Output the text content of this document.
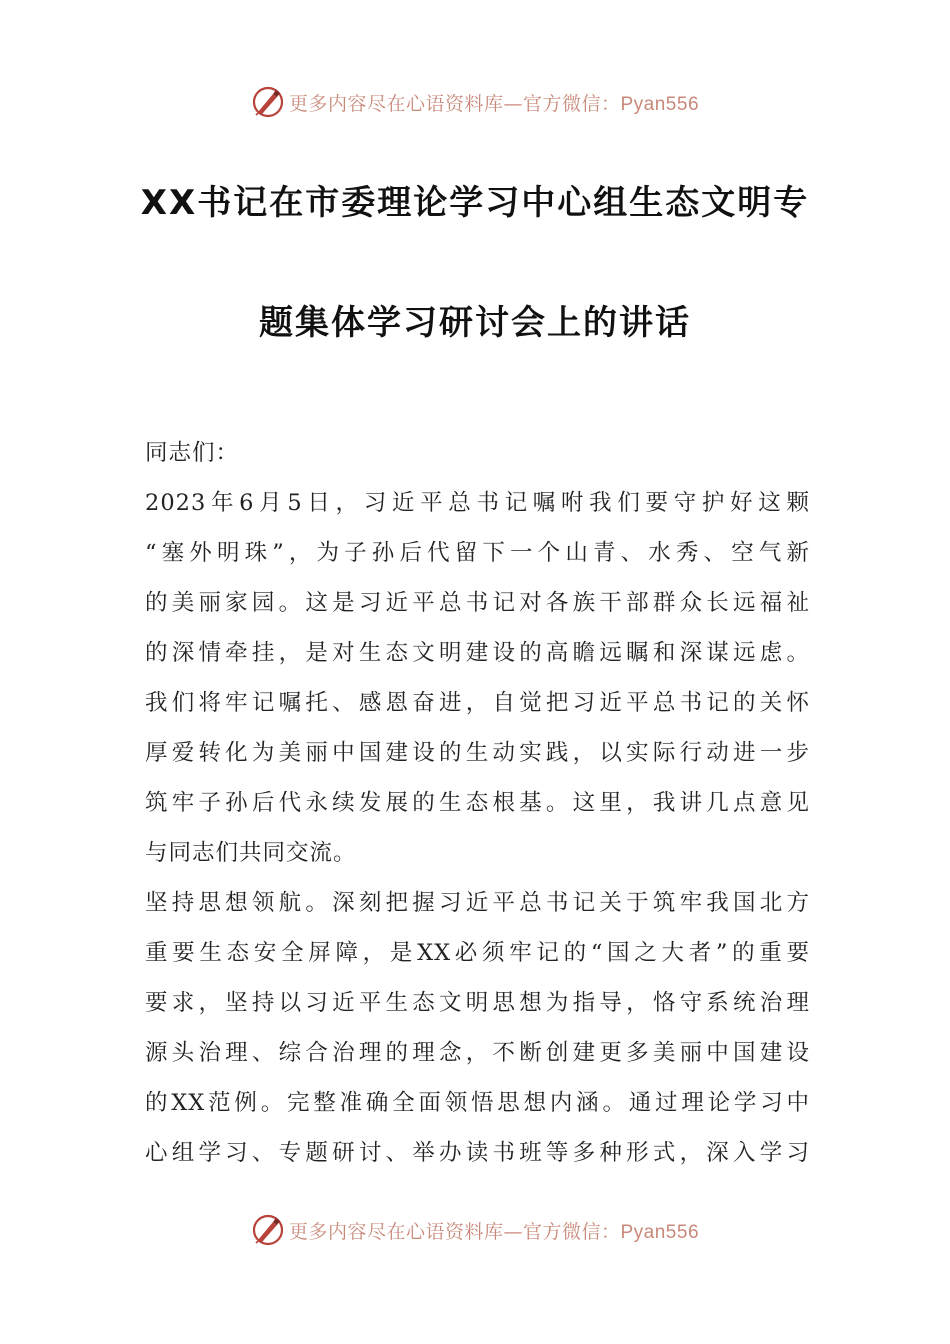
更多内容尽在心语资料库—官方微信：Pyan556
XX书记在市委理论学习中心组生态文明专
题集体学习研讨会上的讲话
同志们：
2023年6月5日，习近平总书记嘱咐我们要守护好这颗
“塞外明珠”，为子孙后代留下一个山青、水秀、空气新
的美丽家园。这是习近平总书记对各族干部群众长远福祉
的深情牵挂，是对生态文明建设的高瞻远瞩和深谋远虑。
我们将牢记嘱托、感恩奋进，自觉把习近平总书记的关怀
厚爱转化为美丽中国建设的生动实践，以实际行动进一步
筑牢子孙后代永续发展的生态根基。这里，我讲几点意见
与同志们共同交流。
坚持思想领航。深刻把握习近平总书记关于筑牢我国北方
重要生态安全屏障，是XX必须牢记的“国之大者”的重要
要求，坚持以习近平生态文明思想为指导，恪守系统治理
源头治理、综合治理的理念，不断创建更多美丽中国建设
的XX范例。完整准确全面领悟思想内涵。通过理论学习中
心组学习、专题研讨、举办读书班等多种形式，深入学习
更多内容尽在心语资料库—官方微信：Pyan556
